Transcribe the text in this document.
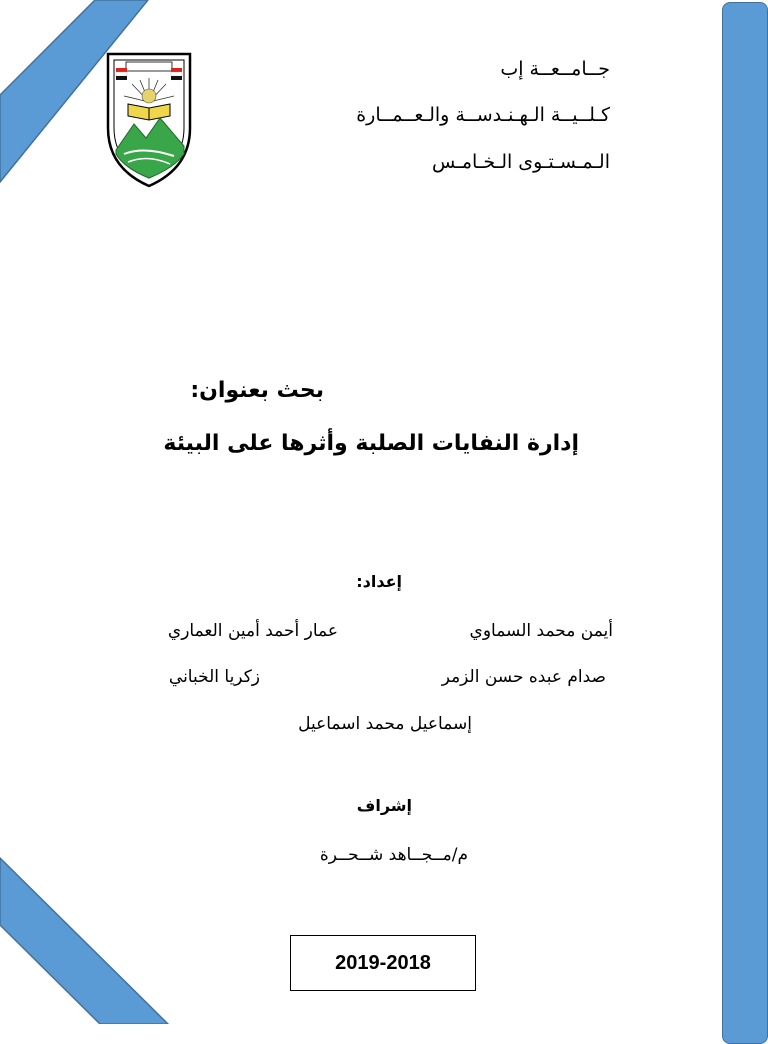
جــامــعــة إب
كـلــيــة الـهـنـدســة والـعــمــارة
الـمـسـتـوى الـخـامـس
بحث بعنوان:
إدارة النفايات الصلبة وأثرها على البيئة
إعداد:
أيمن محمد السماوي
عمار أحمد أمين العماري
صدام عبده حسن الزمر
زكريا الخباني
إسماعيل محمد اسماعيل
إشراف
م/مــجــاهد شــحــرة
2019-2018
